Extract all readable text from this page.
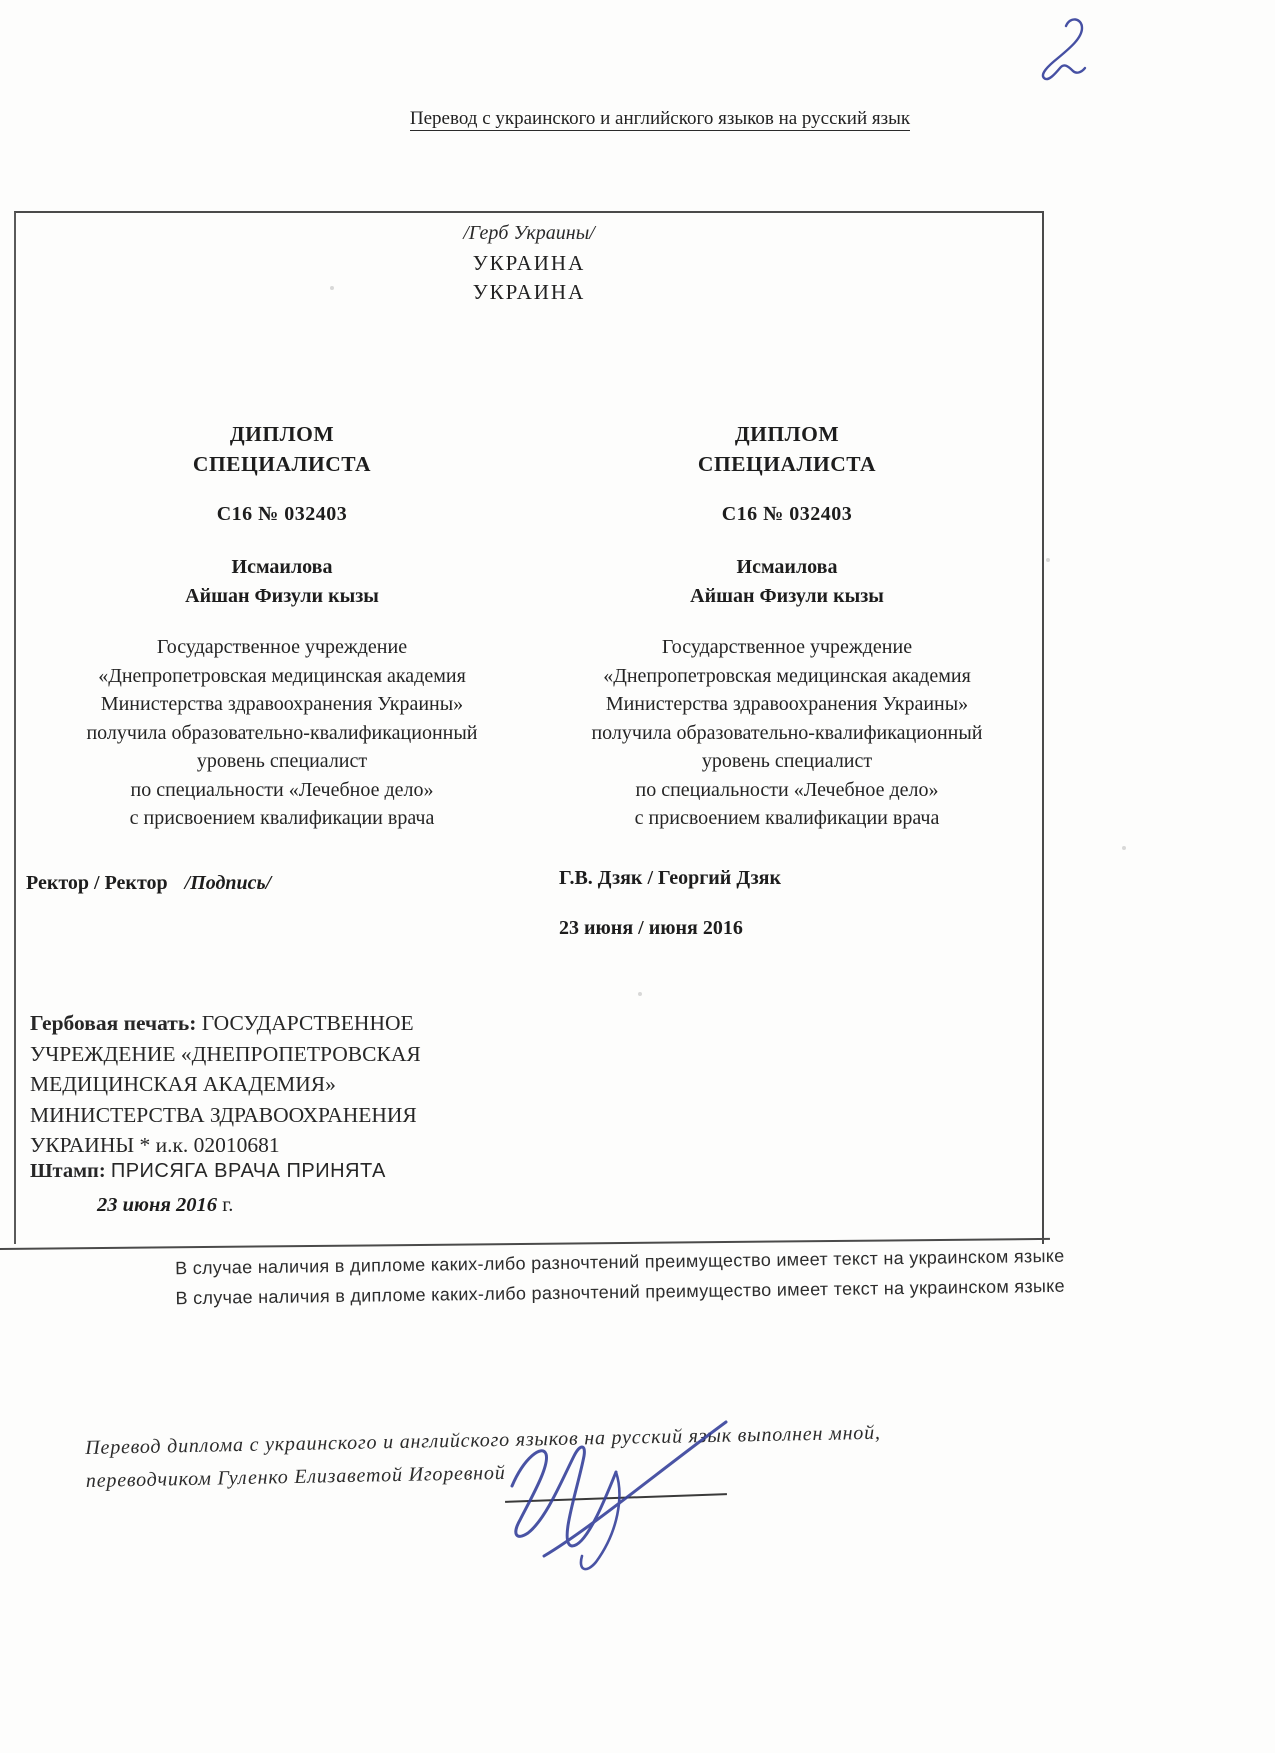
Перевод с украинского и английского языков на русский язык
/Герб Украины/
УКРАИНА
УКРАИНА
ДИПЛОМ
СПЕЦИАЛИСТА
С16 № 032403
Исмаилова
Айшан Физули кызы
Государственное учреждение
«Днепропетровская медицинская академия
Министерства здравоохранения Украины»
получила образовательно-квалификационный
уровень специалист
по специальности «Лечебное дело»
с присвоением квалификации врача
Ректор / Ректор /Подпись/
ДИПЛОМ
СПЕЦИАЛИСТА
С16 № 032403
Исмаилова
Айшан Физули кызы
Государственное учреждение
«Днепропетровская медицинская академия
Министерства здравоохранения Украины»
получила образовательно-квалификационный
уровень специалист
по специальности «Лечебное дело»
с присвоением квалификации врача
Г.В. Дзяк / Георгий Дзяк
23 июня / июня 2016
Гербовая печать: ГОСУДАРСТВЕННОЕ
УЧРЕЖДЕНИЕ «ДНЕПРОПЕТРОВСКАЯ
МЕДИЦИНСКАЯ АКАДЕМИЯ»
МИНИСТЕРСТВА ЗДРАВООХРАНЕНИЯ
УКРАИНЫ * и.к. 02010681
Штамп: ПРИСЯГА ВРАЧА ПРИНЯТА
23 июня 2016 г.
В случае наличия в дипломе каких-либо разночтений преимущество имеет текст на украинском языке
В случае наличия в дипломе каких-либо разночтений преимущество имеет текст на украинском языке
Перевод диплома с украинского и английского языков на русский язык выполнен мной,
переводчиком Гуленко Елизаветой Игоревной
